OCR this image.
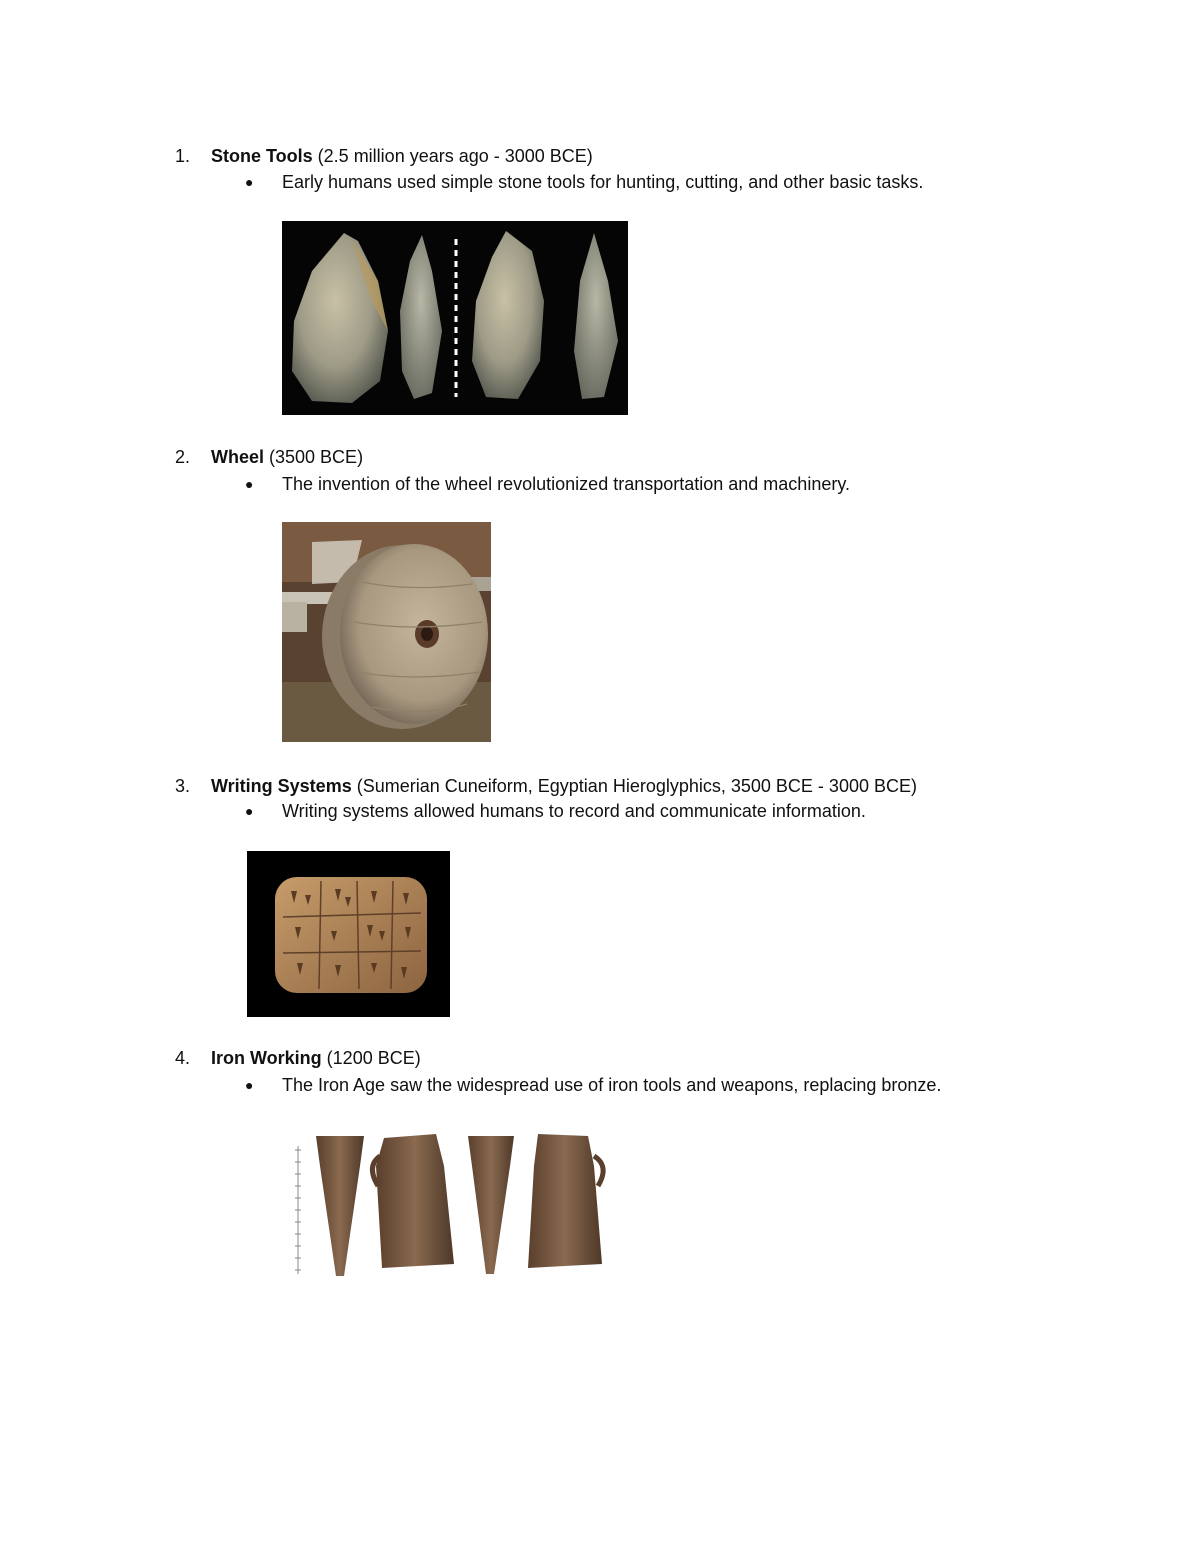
1. Stone Tools (2.5 million years ago - 3000 BCE)
● Early humans used simple stone tools for hunting, cutting, and other basic tasks.
2. Wheel (3500 BCE)
● The invention of the wheel revolutionized transportation and machinery.
3. Writing Systems (Sumerian Cuneiform, Egyptian Hieroglyphics, 3500 BCE - 3000 BCE)
● Writing systems allowed humans to record and communicate information.
4. Iron Working (1200 BCE)
● The Iron Age saw the widespread use of iron tools and weapons, replacing bronze.
